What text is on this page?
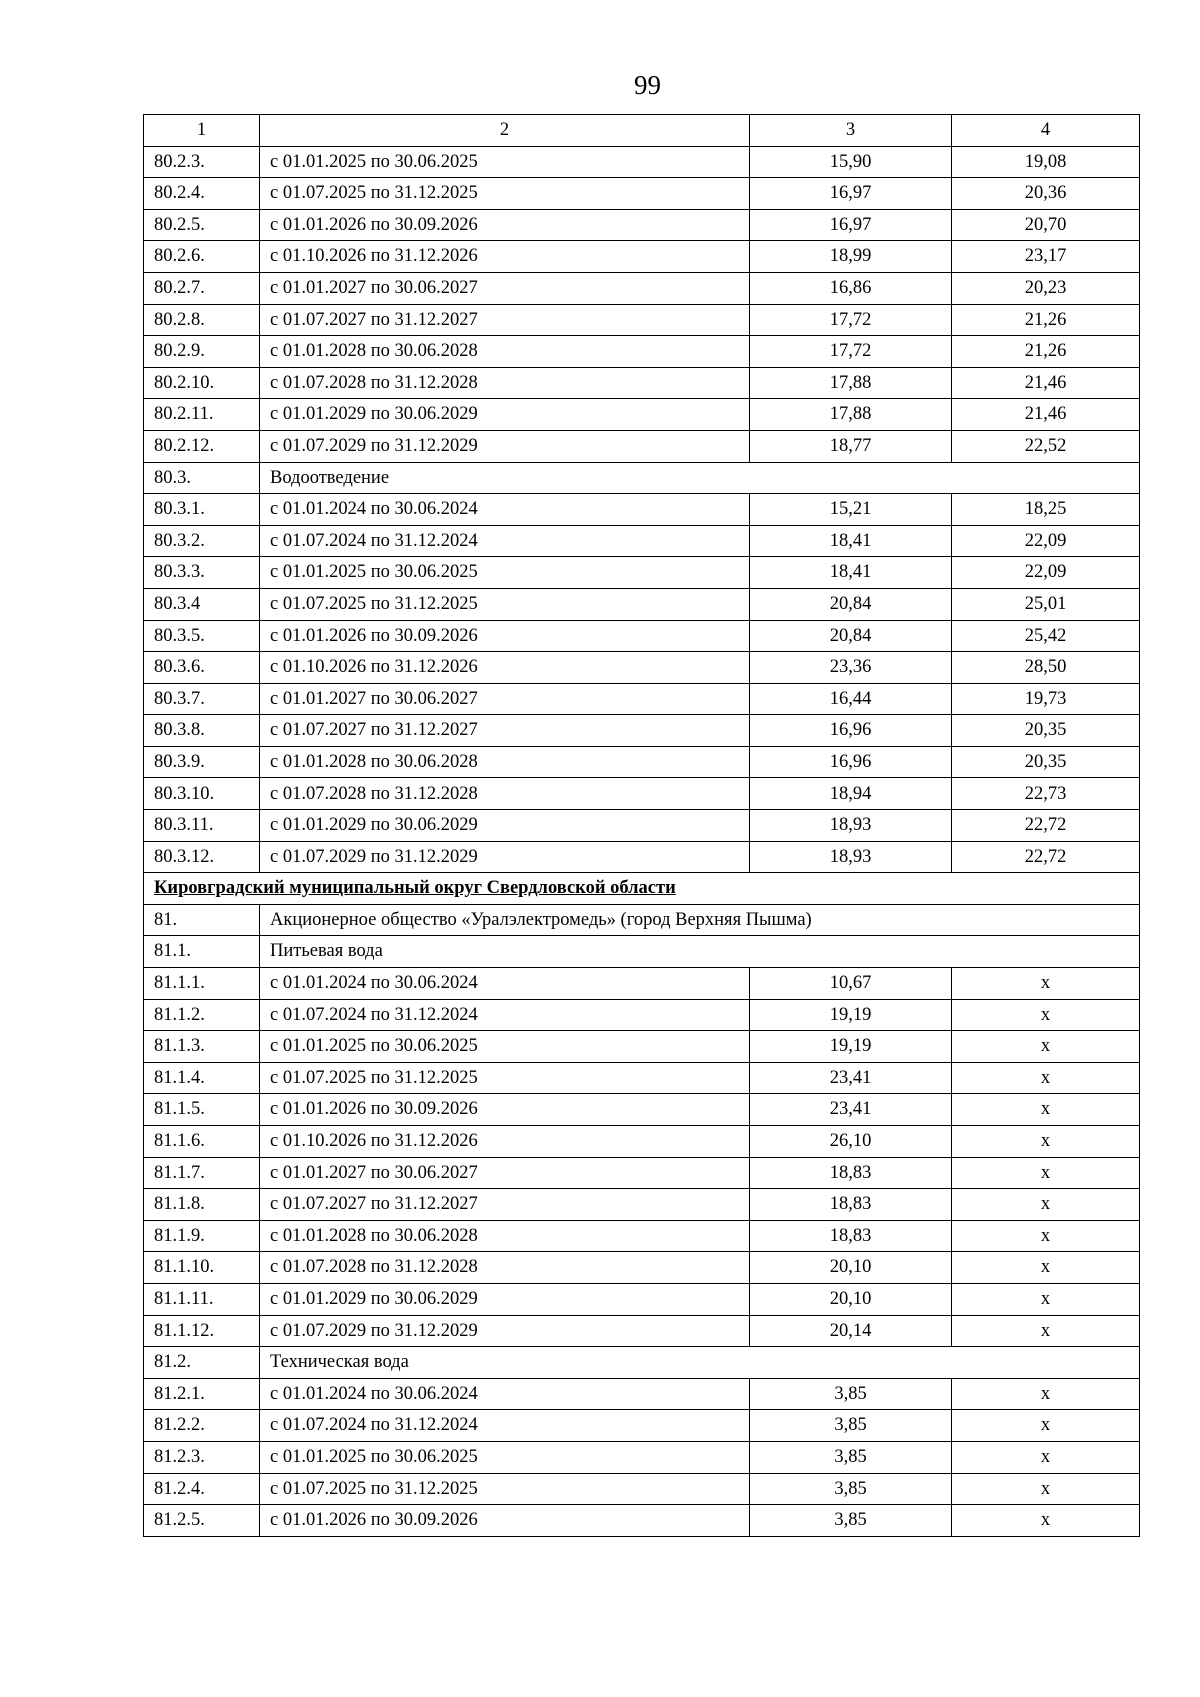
99
1	2	3	4
80.2.3.	с 01.01.2025 по 30.06.2025	15,90	19,08
80.2.4.	с 01.07.2025 по 31.12.2025	16,97	20,36
80.2.5.	с 01.01.2026 по 30.09.2026	16,97	20,70
80.2.6.	с 01.10.2026 по 31.12.2026	18,99	23,17
80.2.7.	с 01.01.2027 по 30.06.2027	16,86	20,23
80.2.8.	с 01.07.2027 по 31.12.2027	17,72	21,26
80.2.9.	с 01.01.2028 по 30.06.2028	17,72	21,26
80.2.10.	с 01.07.2028 по 31.12.2028	17,88	21,46
80.2.11.	с 01.01.2029 по 30.06.2029	17,88	21,46
80.2.12.	с 01.07.2029 по 31.12.2029	18,77	22,52
80.3.	Водоотведение		
80.3.1.	с 01.01.2024 по 30.06.2024	15,21	18,25
80.3.2.	с 01.07.2024 по 31.12.2024	18,41	22,09
80.3.3.	с 01.01.2025 по 30.06.2025	18,41	22,09
80.3.4	с 01.07.2025 по 31.12.2025	20,84	25,01
80.3.5.	с 01.01.2026 по 30.09.2026	20,84	25,42
80.3.6.	с 01.10.2026 по 31.12.2026	23,36	28,50
80.3.7.	с 01.01.2027 по 30.06.2027	16,44	19,73
80.3.8.	с 01.07.2027 по 31.12.2027	16,96	20,35
80.3.9.	с 01.01.2028 по 30.06.2028	16,96	20,35
80.3.10.	с 01.07.2028 по 31.12.2028	18,94	22,73
80.3.11.	с 01.01.2029 по 30.06.2029	18,93	22,72
80.3.12.	с 01.07.2029 по 31.12.2029	18,93	22,72
Кировградский муниципальный округ Свердловской области			
81.	Акционерное общество «Уралэлектромедь» (город Верхняя Пышма)		
81.1.	Питьевая вода		
81.1.1.	с 01.01.2024 по 30.06.2024	10,67	x
81.1.2.	с 01.07.2024 по 31.12.2024	19,19	x
81.1.3.	с 01.01.2025 по 30.06.2025	19,19	x
81.1.4.	с 01.07.2025 по 31.12.2025	23,41	x
81.1.5.	с 01.01.2026 по 30.09.2026	23,41	x
81.1.6.	с 01.10.2026 по 31.12.2026	26,10	x
81.1.7.	с 01.01.2027 по 30.06.2027	18,83	x
81.1.8.	с 01.07.2027 по 31.12.2027	18,83	x
81.1.9.	с 01.01.2028 по 30.06.2028	18,83	x
81.1.10.	с 01.07.2028 по 31.12.2028	20,10	x
81.1.11.	с 01.01.2029 по 30.06.2029	20,10	x
81.1.12.	с 01.07.2029 по 31.12.2029	20,14	x
81.2.	Техническая вода		
81.2.1.	с 01.01.2024 по 30.06.2024	3,85	x
81.2.2.	с 01.07.2024 по 31.12.2024	3,85	x
81.2.3.	с 01.01.2025 по 30.06.2025	3,85	x
81.2.4.	с 01.07.2025 по 31.12.2025	3,85	x
81.2.5.	с 01.01.2026 по 30.09.2026	3,85	x
